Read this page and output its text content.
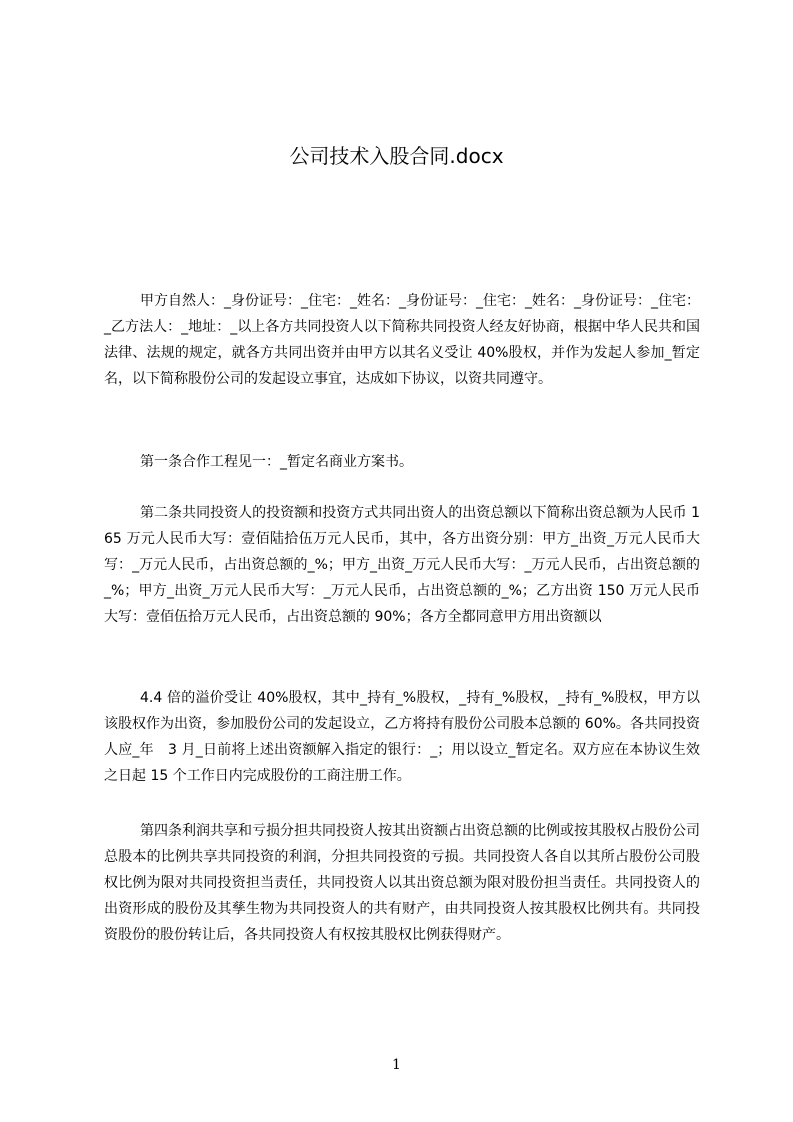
公司技术入股合同.docx

甲方自然人：_身份证号：_住宅：_姓名：_身份证号：_住宅：_姓名：_身份证号：_住宅：_乙方法人：_地址：_以上各方共同投资人以下简称共同投资人经友好协商，根据中华人民共和国法律、法规的规定，就各方共同出资并由甲方以其名义受让 40%股权，并作为发起人参加_暂定名，以下简称股份公司的发起设立事宜，达成如下协议，以资共同遵守。

第一条合作工程见一：_暂定名商业方案书。

第二条共同投资人的投资额和投资方式共同出资人的出资总额以下简称出资总额为人民币 165 万元人民币大写：壹佰陆拾伍万元人民币，其中，各方出资分别：甲方_出资_万元人民币大写：_万元人民币，占出资总额的_%；甲方_出资_万元人民币大写：_万元人民币，占出资总额的_%；甲方_出资_万元人民币大写：_万元人民币，占出资总额的_%；乙方出资 150 万元人民币大写：壹佰伍拾万元人民币，占出资总额的 90%；各方全都同意甲方用出资额以

4.4 倍的溢价受让 40%股权，其中_持有_%股权，_持有_%股权，_持有_%股权，甲方以该股权作为出资，参加股份公司的发起设立，乙方将持有股份公司股本总额的 60%。各共同投资人应_年　3 月_日前将上述出资额解入指定的银行：_；用以设立_暂定名。双方应在本协议生效之日起 15 个工作日内完成股份的工商注册工作。

第四条利润共享和亏损分担共同投资人按其出资额占出资总额的比例或按其股权占股份公司总股本的比例共享共同投资的利润，分担共同投资的亏损。共同投资人各自以其所占股份公司股权比例为限对共同投资担当责任，共同投资人以其出资总额为限对股份担当责任。共同投资人的出资形成的股份及其孳生物为共同投资人的共有财产，由共同投资人按其股权比例共有。共同投资股份的股份转让后，各共同投资人有权按其股权比例获得财产。

1
